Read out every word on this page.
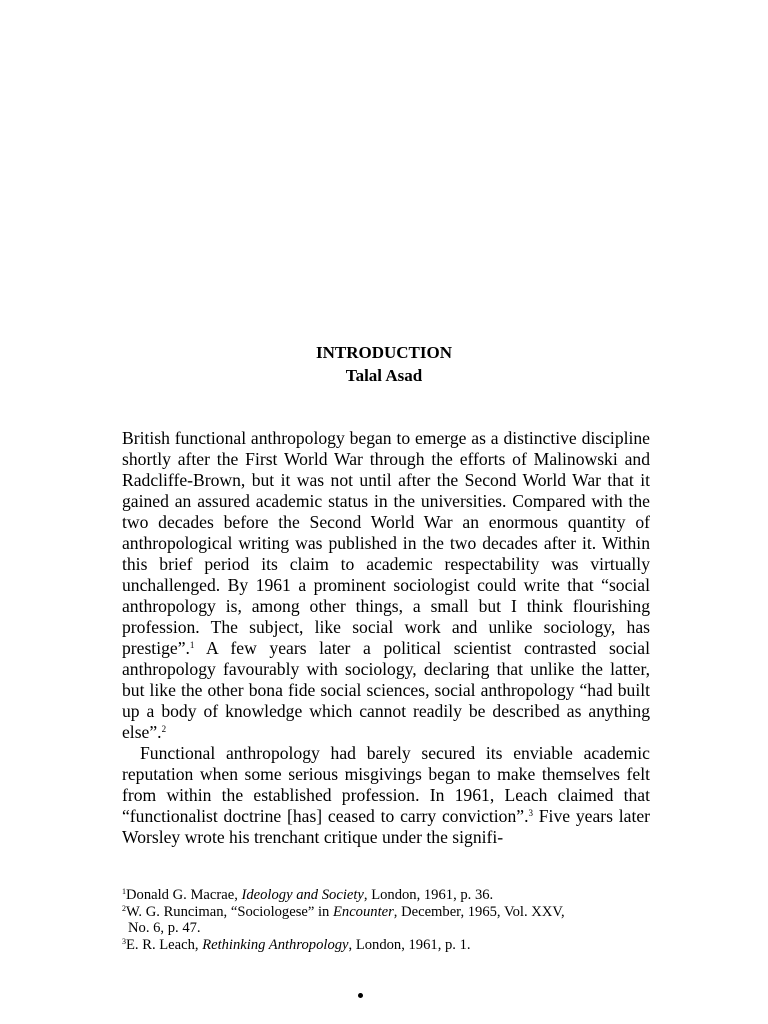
INTRODUCTION
Talal Asad

British functional anthropology began to emerge as a distinctive discipline shortly after the First World War through the efforts of Malinowski and Radcliffe-Brown, but it was not until after the Second World War that it gained an assured academic status in the universities. Compared with the two decades before the Second World War an enormous quantity of anthropological writing was published in the two decades after it. Within this brief period its claim to academic respectability was virtually unchallenged. By 1961 a prominent sociologist could write that “social anthropology is, among other things, a small but I think flourishing profession. The subject, like social work and unlike sociology, has prestige”.$^1$ A few years later a political scientist contrasted social anthropology favourably with sociology, declaring that unlike the latter, but like the other bona fide social sciences, social anthropology “had built up a body of knowledge which cannot readily be described as anything else”.$^2$

Functional anthropology had barely secured its enviable academic reputation when some serious misgivings began to make themselves felt from within the established profession. In 1961, Leach claimed that “functionalist doctrine [has] ceased to carry conviction”.$^3$ Five years later Worsley wrote his trenchant critique under the signifi-

$^1$Donald G. Macrae, Ideology and Society, London, 1961, p. 36.
$^2$W. G. Runciman, “Sociologese” in Encounter, December, 1965, Vol. XXV,
No. 6, p. 47.
$^3$E. R. Leach, Rethinking Anthropology, London, 1961, p. 1.
